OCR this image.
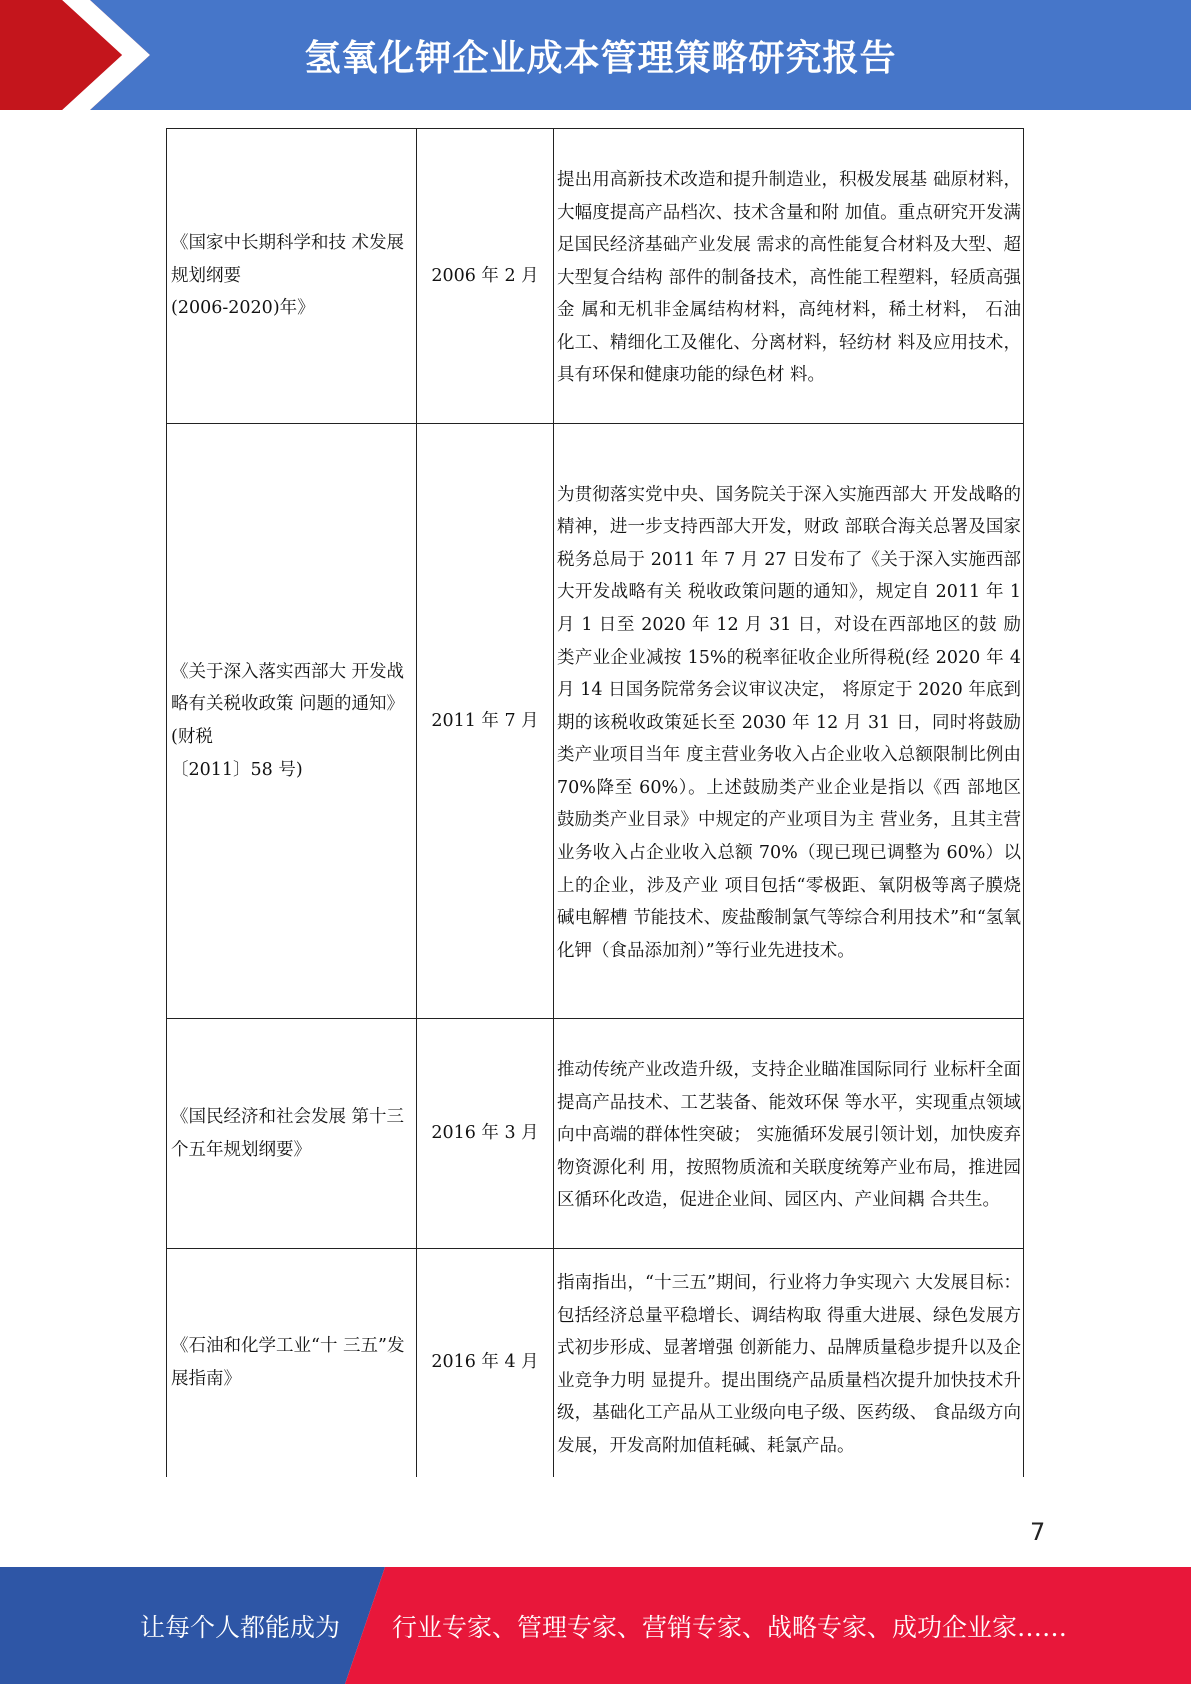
氢氧化钾企业成本管理策略研究报告
《国家中长期科学和技 术发展规划纲要
(2006-2020)年》	2006 年 2 月	提出用高新技术改造和提升制造业，积极发展基 础原材料，大幅度提高产品档次、技术含量和附 加值。重点研究开发满足国民经济基础产业发展 需求的高性能复合材料及大型、超大型复合结构 部件的制备技术，高性能工程塑料，轻质高强金 属和无机非金属结构材料，高纯材料，稀土材料， 石油化工、精细化工及催化、分离材料，轻纺材 料及应用技术，具有环保和健康功能的绿色材 料。
《关于深入落实西部大 开发战略有关税收政策 问题的通知》(财税
〔2011〕58 号)	2011 年 7 月	为贯彻落实党中央、国务院关于深入实施西部大 开发战略的精神，进一步支持西部大开发，财政 部联合海关总署及国家税务总局于 2011 年 7 月 27 日发布了《关于深入实施西部大开发战略有关 税收政策问题的通知》，规定自 2011 年 1 月 1 日至 2020 年 12 月 31 日，对设在西部地区的鼓 励类产业企业减按 15%的税率征收企业所得税(经 2020 年 4 月 14 日国务院常务会议审议决定， 将原定于 2020 年底到期的该税收政策延长至 2030 年 12 月 31 日，同时将鼓励类产业项目当年 度主营业务收入占企业收入总额限制比例由 70%降至 60%）。上述鼓励类产业企业是指以《西 部地区鼓励类产业目录》中规定的产业项目为主 营业务，且其主营业务收入占企业收入总额 70%（现已现已调整为 60%）以上的企业，涉及产业 项目包括“零极距、氧阴极等离子膜烧碱电解槽 节能技术、废盐酸制氯气等综合利用技术”和“氢氧化钾（食品添加剂）”等行业先进技术。
《国民经济和社会发展 第十三个五年规划纲要》	2016 年 3 月	推动传统产业改造升级，支持企业瞄准国际同行 业标杆全面提高产品技术、工艺装备、能效环保 等水平，实现重点领域向中高端的群体性突破； 实施循环发展引领计划，加快废弃物资源化利 用，按照物质流和关联度统筹产业布局，推进园 区循环化改造，促进企业间、园区内、产业间耦 合共生。
《石油和化学工业“十 三五”发展指南》	2016 年 4 月	指南指出，“十三五”期间，行业将力争实现六 大发展目标：包括经济总量平稳增长、调结构取 得重大进展、绿色发展方式初步形成、显著增强 创新能力、品牌质量稳步提升以及企业竞争力明 显提升。提出围绕产品质量档次提升加快技术升 级，基础化工产品从工业级向电子级、医药级、 食品级方向发展，开发高附加值耗碱、耗氯产品。
7
让每个人都能成为	行业专家、管理专家、营销专家、战略专家、成功企业家……
